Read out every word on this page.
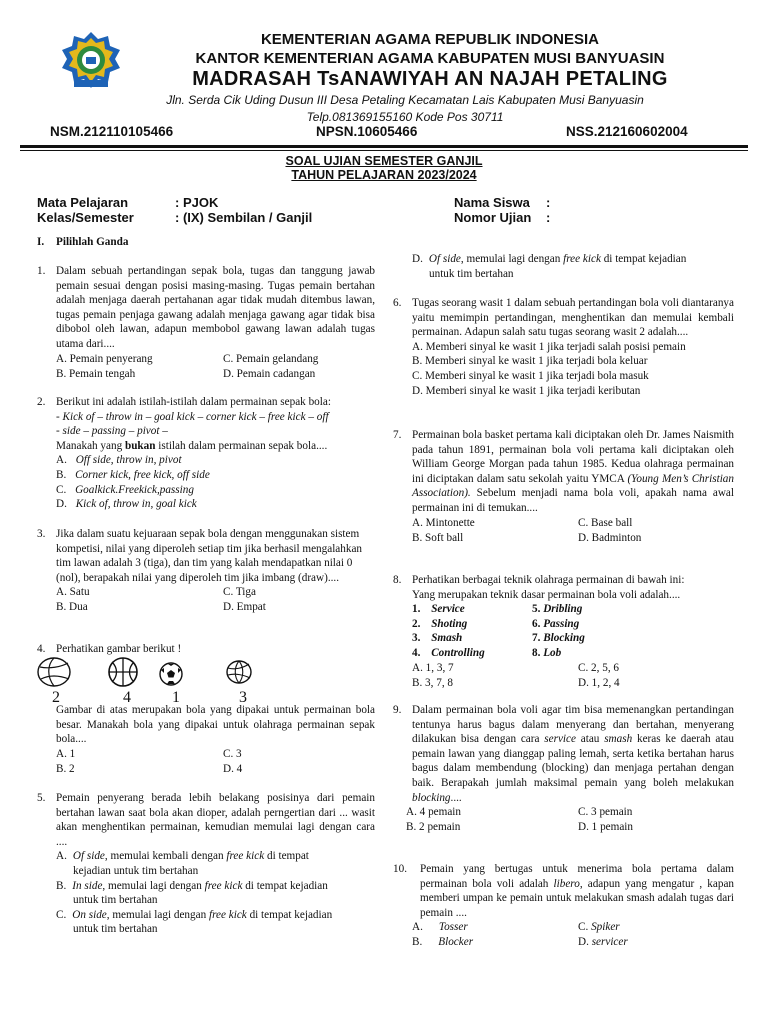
KEMENTERIAN AGAMA REPUBLIK INDONESIA
KANTOR KEMENTERIAN AGAMA KABUPATEN MUSI BANYUASIN
MADRASAH TsANAWIYAH AN NAJAH PETALING
Jln. Serda Cik Uding Dusun III Desa Petaling Kecamatan Lais Kabupaten Musi Banyuasin
Telp.081369155160 Kode Pos 30711
NSM.212110105466	NPSN.10605466	NSS.212160602004
SOAL UJIAN SEMESTER GANJIL
TAHUN PELAJARAN 2023/2024
Mata Pelajaran	: PJOK
Kelas/Semester	: (IX) Sembilan / Ganjil
Nama Siswa :
Nomor Ujian :
I. Pilihlah Ganda
1. Dalam sebuah pertandingan sepak bola, tugas dan tanggung jawab pemain sesuai dengan posisi masing-masing. Tugas pemain bertahan adalah menjaga daerah pertahanan agar tidak mudah ditembus lawan, tugas pemain penjaga gawang adalah menjaga gawang agar tidak bisa dibobol oleh lawan, adapun membobol gawang lawan adalah tugas utama dari....
A. Pemain penyerang
B. Pemain tengah
C. Pemain gelandang
D. Pemain cadangan
2. Berikut ini adalah istilah-istilah dalam permainan sepak bola:
- Kick of – throw in – goal kick – corner kick – free kick – off
- side – passing – pivot –
Manakah yang bukan istilah dalam permainan sepak bola....
A. Off side, throw in, pivot
B. Corner kick, free kick, off side
C. Goalkick.Freekick,passing
D. Kick of, throw in, goal kick
3. Jika dalam suatu kejuaraan sepak bola dengan menggunakan sistem kompetisi, nilai yang diperoleh setiap tim jika berhasil mengalahkan tim lawan adalah 3 (tiga), dan tim yang kalah mendapatkan nilai 0 (nol), berapakah nilai yang diperoleh tim jika imbang (draw)....
A. Satu
B. Dua
C. Tiga
D. Empat
4. Perhatikan gambar berikut !
2	4	1	3
Gambar di atas merupakan bola yang dipakai untuk permainan bola besar. Manakah bola yang dipakai untuk olahraga permainan sepak bola....
A. 1
B. 2
C. 3
D. 4
5. Pemain penyerang berada lebih belakang posisinya dari pemain bertahan lawan saat bola akan dioper, adalah perngertian dari ... wasit akan menghentikan permainan, kemudian memulai lagi dengan cara ....
A. Of side, memulai kembali dengan free kick di tempat
kejadian untuk tim bertahan
B. In side, memulai lagi dengan free kick di tempat kejadian
untuk tim bertahan
C. On side, memulai lagi dengan free kick di tempat kejadian
untuk tim bertahan
D. Of side, memulai lagi dengan free kick di tempat kejadian
untuk tim bertahan
6. Tugas seorang wasit 1 dalam sebuah pertandingan bola voli diantaranya yaitu memimpin pertandingan, menghentikan dan memulai kembali permainan. Adapun salah satu tugas seorang wasit 2 adalah....
A. Memberi sinyal ke wasit 1 jika terjadi salah posisi pemain
B. Memberi sinyal ke wasit 1 jika terjadi bola keluar
C. Memberi sinyal ke wasit 1 jika terjadi bola masuk
D. Memberi sinyal ke wasit 1 jika terjadi keributan
7. Permainan bola basket pertama kali diciptakan oleh Dr. James Naismith pada tahun 1891, permainan bola voli pertama kali diciptakan oleh William George Morgan pada tahun 1985. Kedua olahraga permainan ini diciptakan dalam satu sekolah yaitu YMCA (Young Men’s Christian Association). Sebelum menjadi nama bola voli, apakah nama awal permainan ini di temukan....
A. Mintonette
B. Soft ball
C. Base ball
D. Badminton
8. Perhatikan berbagai teknik olahraga permainan di bawah ini:
Yang merupakan teknik dasar permainan bola voli adalah....
1. Service
2. Shoting
3. Smash
4. Controlling
5. Dribling
6. Passing
7. Blocking
8. Lob
A. 1, 3, 7
B. 3, 7, 8
C. 2, 5, 6
D. 1, 2, 4
9. Dalam permainan bola voli agar tim bisa memenangkan pertandingan tentunya harus bagus dalam menyerang dan bertahan, menyerang dilakukan bisa dengan cara service atau smash keras ke daerah atau pemain lawan yang dianggap paling lemah, serta ketika bertahan harus bagus dalam membendung (blocking) dan menjaga pertahan dengan baik. Berapakah jumlah maksimal pemain yang boleh melakukan blocking....
A. 4 pemain
B. 2 pemain
C. 3 pemain
D. 1 pemain
10. Pemain yang bertugas untuk menerima bola pertama dalam permainan bola voli adalah libero, adapun yang mengatur , kapan memberi umpan ke pemain untuk melakukan smash adalah tugas dari pemain ....
A. Tosser
B. Blocker
C. Spiker
D. servicer
